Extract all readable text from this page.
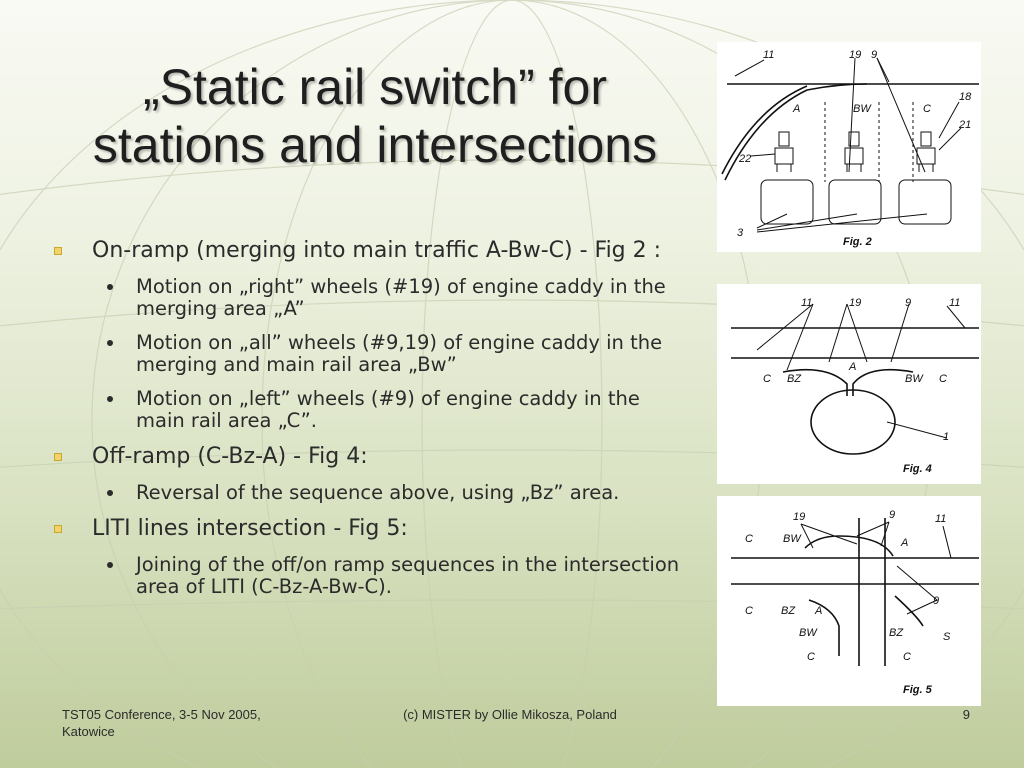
„Static rail switch” for
stations and intersections
On-ramp (merging into main traffic A-Bw-C) - Fig 2 :
Motion on „right” wheels (#19) of engine caddy in the merging area „A”
Motion on „all” wheels (#9,19) of engine caddy in the merging and main rail area „Bw”
Motion on „left” wheels (#9) of engine caddy in the main rail area „C”.
Off-ramp (C-Bz-A) - Fig 4:
Reversal of the sequence above, using „Bz” area.
LITI lines intersection - Fig 5:
Joining of the off/on ramp sequences in the intersection area of LITI (C-Bz-A-Bw-C).
11	19 9
A	BW	C
18
21
22
3
Fig. 2
11	19	9	11
C BZ
A
BW C
1
Fig. 4
19	9	11
C	BW	A
9
C	BZ A
BZ
BW
C	C
S
Fig. 5
TST05 Conference, 3-5 Nov 2005, Katowice
(c) MISTER by Ollie Mikosza, Poland	9
